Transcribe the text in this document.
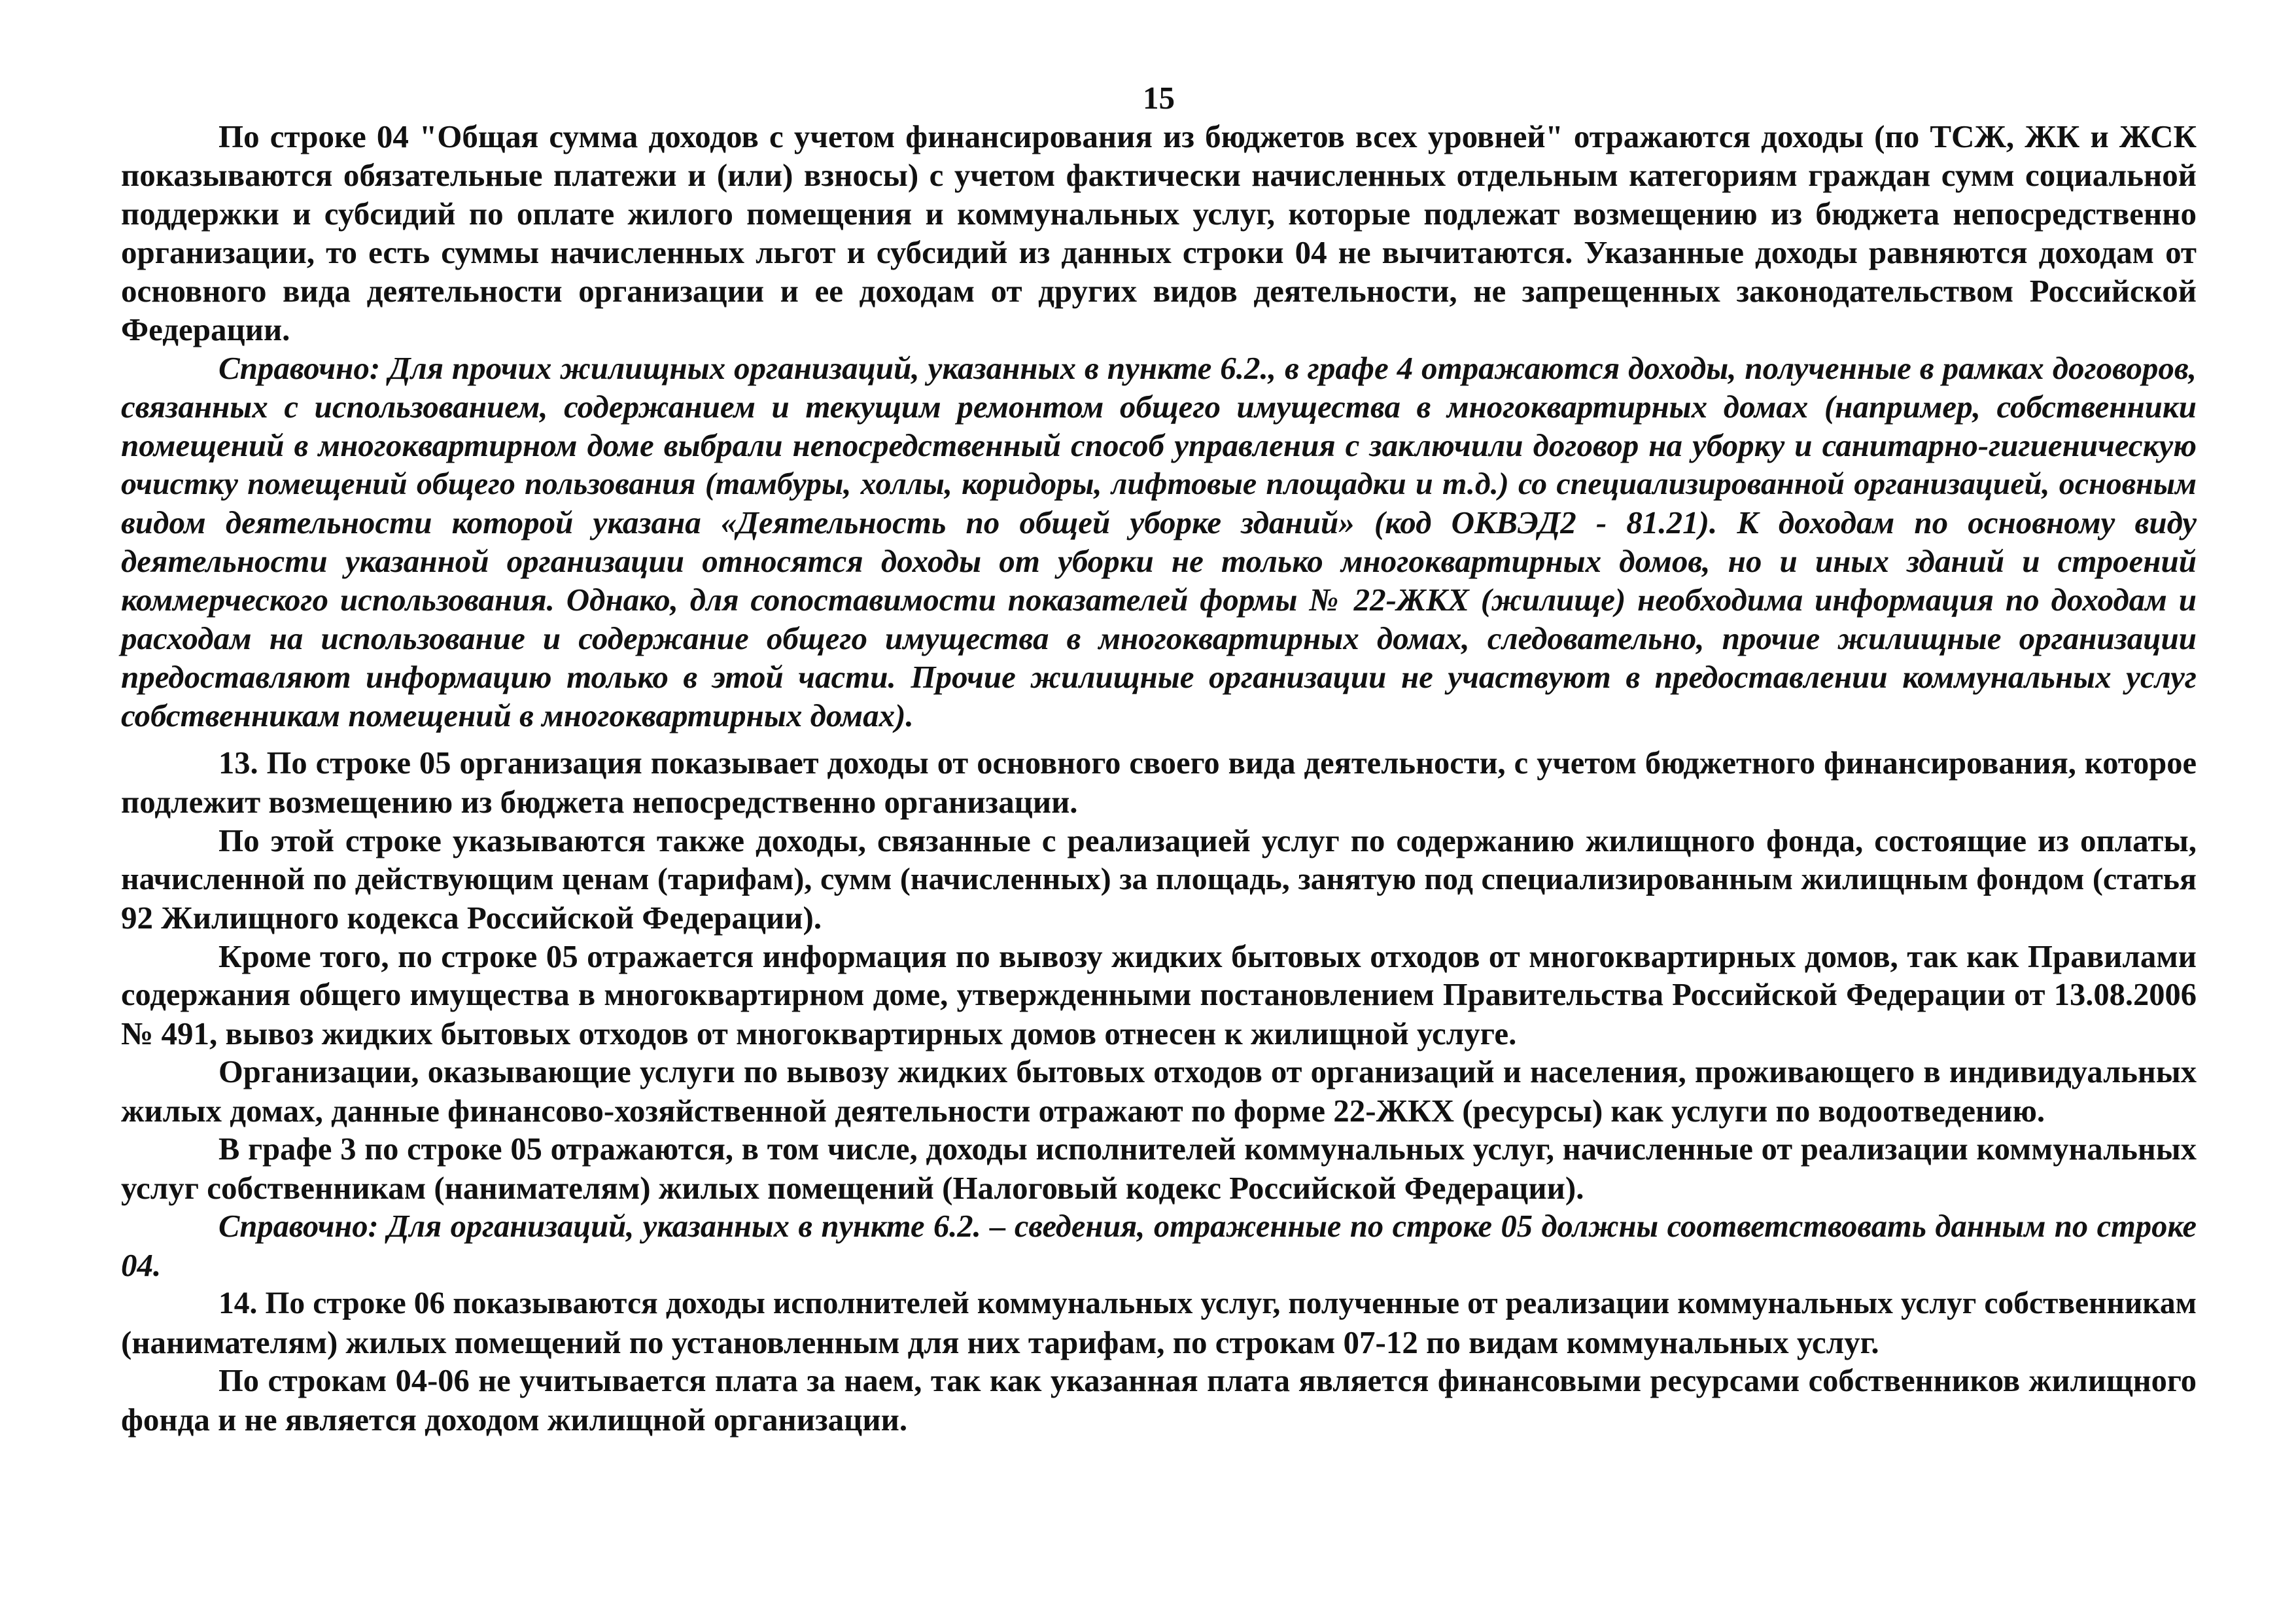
15
По строке 04 "Общая сумма доходов с учетом финансирования из бюджетов всех уровней" отражаются доходы (по ТСЖ, ЖК и ЖСК
показываются обязательные платежи и (или) взносы) с учетом фактически начисленных отдельным категориям граждан сумм социальной
поддержки и субсидий по оплате жилого помещения и коммунальных услуг, которые подлежат возмещению из бюджета непосредственно
организации, то есть суммы начисленных льгот и субсидий из данных строки 04 не вычитаются. Указанные доходы равняются доходам от
основного вида деятельности организации и ее доходам от других видов деятельности, не запрещенных законодательством Российской
Федерации.
Справочно: Для прочих жилищных организаций, указанных в пункте 6.2., в графе 4 отражаются доходы, полученные в рамках договоров,
связанных с использованием, содержанием и текущим ремонтом общего имущества в многоквартирных домах (например, собственники
помещений в многоквартирном доме выбрали непосредственный способ управления с заключили договор на уборку и санитарно-гигиеническую
очистку помещений общего пользования (тамбуры, холлы, коридоры, лифтовые площадки и т.д.) со специализированной организацией, основным
видом деятельности которой указана «Деятельность по общей уборке зданий» (код ОКВЭД2 - 81.21). К доходам по основному виду
деятельности указанной организации относятся доходы от уборки не только многоквартирных домов, но и иных зданий и строений
коммерческого использования. Однако, для сопоставимости показателей формы № 22-ЖКХ (жилище) необходима информация по доходам и
расходам на использование и содержание общего имущества в многоквартирных домах, следовательно, прочие жилищные организации
предоставляют информацию только в этой части. Прочие жилищные организации не участвуют в предоставлении коммунальных услуг
собственникам помещений в многоквартирных домах).
13. По строке 05 организация показывает доходы от основного своего вида деятельности, с учетом бюджетного финансирования, которое
подлежит возмещению из бюджета непосредственно организации.
По этой строке указываются также доходы, связанные с реализацией услуг по содержанию жилищного фонда, состоящие из оплаты,
начисленной по действующим ценам (тарифам), сумм (начисленных) за площадь, занятую под специализированным жилищным фондом (статья
92 Жилищного кодекса Российской Федерации).
Кроме того, по строке 05 отражается информация по вывозу жидких бытовых отходов от многоквартирных домов, так как Правилами
содержания общего имущества в многоквартирном доме, утвержденными постановлением Правительства Российской Федерации от 13.08.2006
№ 491, вывоз жидких бытовых отходов от многоквартирных домов отнесен к жилищной услуге.
Организации, оказывающие услуги по вывозу жидких бытовых отходов от организаций и населения, проживающего в индивидуальных
жилых домах, данные финансово-хозяйственной деятельности отражают по форме 22-ЖКХ (ресурсы) как услуги по водоотведению.
В графе 3 по строке 05 отражаются, в том числе, доходы исполнителей коммунальных услуг, начисленные от реализации коммунальных
услуг собственникам (нанимателям) жилых помещений (Налоговый кодекс Российской Федерации).
Справочно: Для организаций, указанных в пункте 6.2. – сведения, отраженные по строке 05 должны соответствовать данным по строке
04.
14. По строке 06 показываются доходы исполнителей коммунальных услуг, полученные от реализации коммунальных услуг собственникам
(нанимателям) жилых помещений по установленным для них тарифам, по строкам 07-12 по видам коммунальных услуг.
По строкам 04-06 не учитывается плата за наем, так как указанная плата является финансовыми ресурсами собственников жилищного
фонда и не является доходом жилищной организации.
